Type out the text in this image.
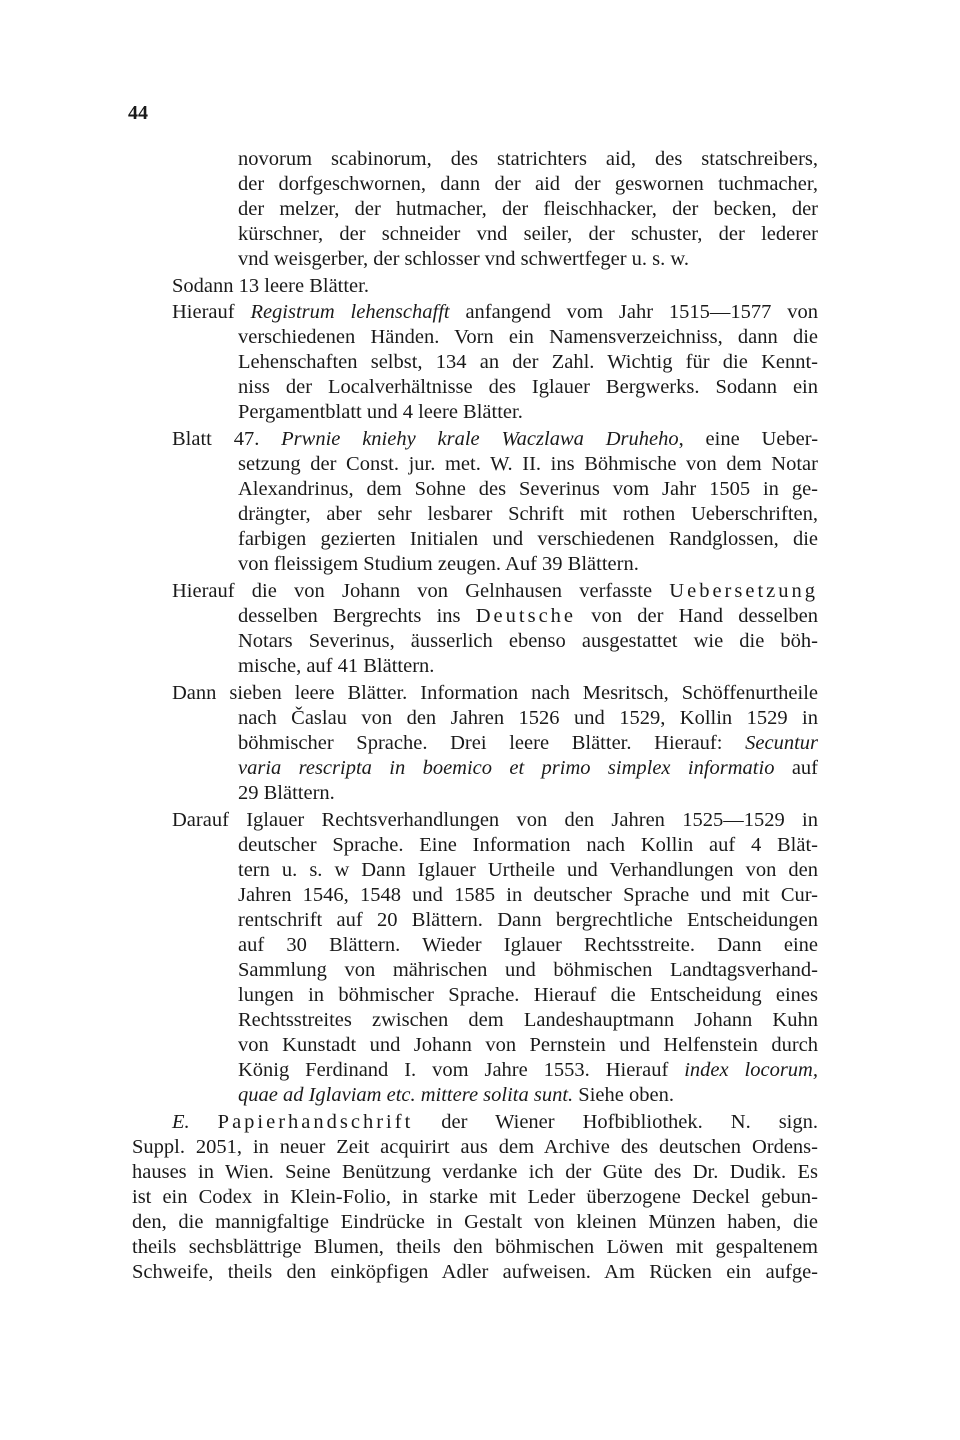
44
novorum scabinorum, des statrichters aid, des statschreibers,
der dorfgeschwornen, dann der aid der geswornen tuchmacher,
der melzer, der hutmacher, der fleischhacker, der becken, der
kürschner, der schneider vnd seiler, der schuster, der lederer
vnd weisgerber, der schlosser vnd schwertfeger u. s. w.
Sodann 13 leere Blätter.
Hierauf Registrum lehenschafft anfangend vom Jahr 1515—1577 von
verschiedenen Händen. Vorn ein Namensverzeichniss, dann die
Lehenschaften selbst, 134 an der Zahl. Wichtig für die Kennt-
niss der Localverhältnisse des Iglauer Bergwerks. Sodann ein
Pergamentblatt und 4 leere Blätter.
Blatt 47. Prwnie kniehy krale Waczlawa Druheho, eine Ueber-
setzung der Const. jur. met. W. II. ins Böhmische von dem Notar
Alexandrinus, dem Sohne des Severinus vom Jahr 1505 in ge-
drängter, aber sehr lesbarer Schrift mit rothen Ueberschriften,
farbigen gezierten Initialen und verschiedenen Randglossen, die
von fleissigem Studium zeugen. Auf 39 Blättern.
Hierauf die von Johann von Gelnhausen verfasste Uebersetzung
desselben Bergrechts ins Deutsche von der Hand desselben
Notars Severinus, äusserlich ebenso ausgestattet wie die böh-
mische, auf 41 Blättern.
Dann sieben leere Blätter. Information nach Mesritsch, Schöffenurtheile
nach Časlau von den Jahren 1526 und 1529, Kollin 1529 in
böhmischer Sprache. Drei leere Blätter. Hierauf: Secuntur
varia rescripta in boemico et primo simplex informatio auf
29 Blättern.
Darauf Iglauer Rechtsverhandlungen von den Jahren 1525—1529 in
deutscher Sprache. Eine Information nach Kollin auf 4 Blät-
tern u. s. w Dann Iglauer Urtheile und Verhandlungen von den
Jahren 1546, 1548 und 1585 in deutscher Sprache und mit Cur-
rentschrift auf 20 Blättern. Dann bergrechtliche Entscheidungen
auf 30 Blättern. Wieder Iglauer Rechtsstreite. Dann eine
Sammlung von mährischen und böhmischen Landtagsverhand-
lungen in böhmischer Sprache. Hierauf die Entscheidung eines
Rechtsstreites zwischen dem Landeshauptmann Johann Kuhn
von Kunstadt und Johann von Pernstein und Helfenstein durch
König Ferdinand I. vom Jahre 1553. Hierauf index locorum,
quae ad Iglaviam etc. mittere solita sunt. Siehe oben.
E. Papierhandschrift der Wiener Hofbibliothek. N. sign.
Suppl. 2051, in neuer Zeit acquirirt aus dem Archive des deutschen Ordens-
hauses in Wien. Seine Benützung verdanke ich der Güte des Dr. Dudik. Es
ist ein Codex in Klein-Folio, in starke mit Leder überzogene Deckel gebun-
den, die mannigfaltige Eindrücke in Gestalt von kleinen Münzen haben, die
theils sechsblättrige Blumen, theils den böhmischen Löwen mit gespaltenem
Schweife, theils den einköpfigen Adler aufweisen. Am Rücken ein aufge-
